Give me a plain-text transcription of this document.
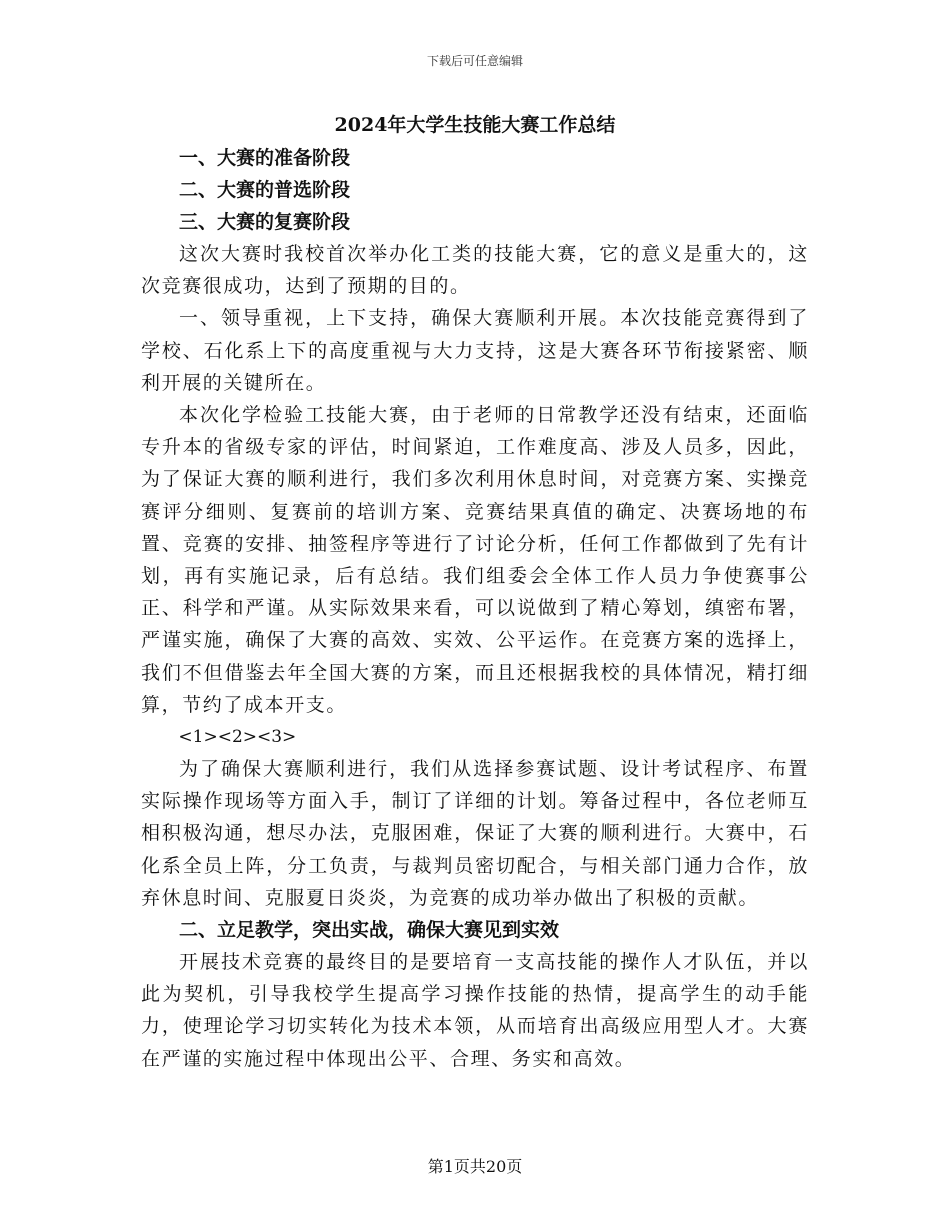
下载后可任意编辑
2024年大学生技能大赛工作总结

一、大赛的准备阶段

二、大赛的普选阶段

三、大赛的复赛阶段

这次大赛时我校首次举办化工类的技能大赛，它的意义是重大的，这次竞赛很成功，达到了预期的目的。

一、领导重视，上下支持，确保大赛顺利开展。本次技能竞赛得到了学校、石化系上下的高度重视与大力支持，这是大赛各环节衔接紧密、顺利开展的关键所在。

本次化学检验工技能大赛，由于老师的日常教学还没有结束，还面临专升本的省级专家的评估，时间紧迫，工作难度高、涉及人员多，因此，为了保证大赛的顺利进行，我们多次利用休息时间，对竞赛方案、实操竞赛评分细则、复赛前的培训方案、竞赛结果真值的确定、决赛场地的布置、竞赛的安排、抽签程序等进行了讨论分析，任何工作都做到了先有计划，再有实施记录，后有总结。我们组委会全体工作人员力争使赛事公正、科学和严谨。从实际效果来看，可以说做到了精心筹划，缜密布署，严谨实施，确保了大赛的高效、实效、公平运作。在竞赛方案的选择上，我们不但借鉴去年全国大赛的方案，而且还根据我校的具体情况，精打细算，节约了成本开支。

<1><2><3>

为了确保大赛顺利进行，我们从选择参赛试题、设计考试程序、布置实际操作现场等方面入手，制订了详细的计划。筹备过程中，各位老师互相积极沟通，想尽办法，克服困难，保证了大赛的顺利进行。大赛中，石化系全员上阵，分工负责，与裁判员密切配合，与相关部门通力合作，放弃休息时间、克服夏日炎炎，为竞赛的成功举办做出了积极的贡献。

二、立足教学，突出实战，确保大赛见到实效

开展技术竞赛的最终目的是要培育一支高技能的操作人才队伍，并以此为契机，引导我校学生提高学习操作技能的热情，提高学生的动手能力，使理论学习切实转化为技术本领，从而培育出高级应用型人才。大赛在严谨的实施过程中体现出公平、合理、务实和高效。

第1页共20页
